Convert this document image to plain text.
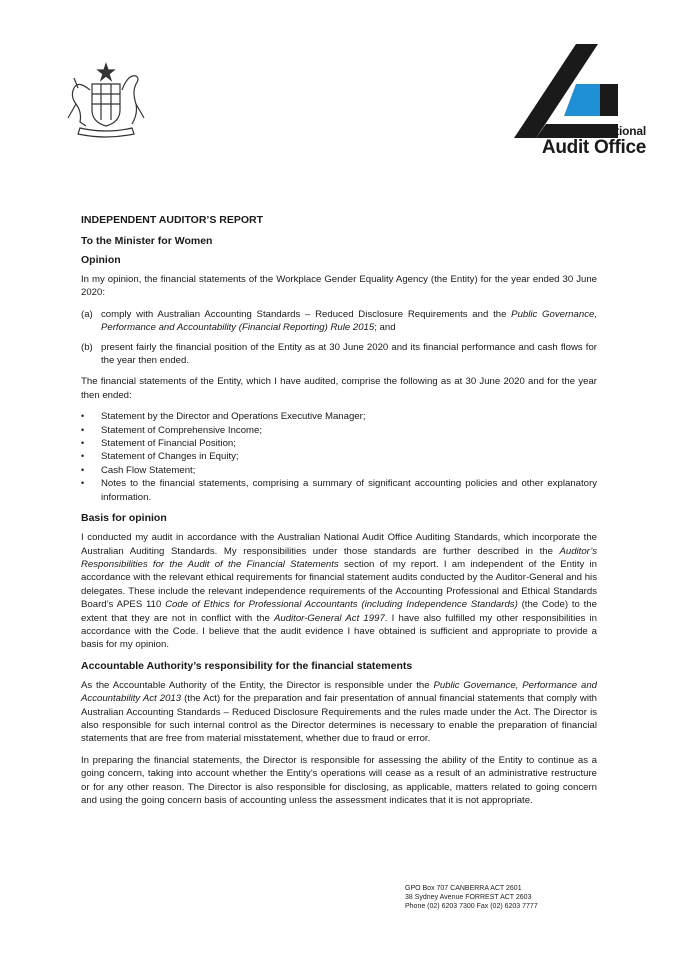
Australian National
Audit Office
INDEPENDENT AUDITOR’S REPORT
To the Minister for Women
Opinion

In my opinion, the financial statements of the Workplace Gender Equality Agency (the Entity) for the year ended 30 June 2020:

(a) comply with Australian Accounting Standards – Reduced Disclosure Requirements and the Public Governance, Performance and Accountability (Financial Reporting) Rule 2015; and
(b) present fairly the financial position of the Entity as at 30 June 2020 and its financial performance and cash flows for the year then ended.

The financial statements of the Entity, which I have audited, comprise the following as at 30 June 2020 and for the year then ended:

•	Statement by the Director and Operations Executive Manager;
•	Statement of Comprehensive Income;
•	Statement of Financial Position;
•	Statement of Changes in Equity;
•	Cash Flow Statement;
•	Notes to the financial statements, comprising a summary of significant accounting policies and other explanatory information.
Basis for opinion

I conducted my audit in accordance with the Australian National Audit Office Auditing Standards, which incorporate the Australian Auditing Standards. My responsibilities under those standards are further described in the Auditor’s Responsibilities for the Audit of the Financial Statements section of my report. I am independent of the Entity in accordance with the relevant ethical requirements for financial statement audits conducted by the Auditor-General and his delegates. These include the relevant independence requirements of the Accounting Professional and Ethical Standards Board’s APES 110 Code of Ethics for Professional Accountants (including Independence Standards) (the Code) to the extent that they are not in conflict with the Auditor-General Act 1997. I have also fulfilled my other responsibilities in accordance with the Code. I believe that the audit evidence I have obtained is sufficient and appropriate to provide a basis for my opinion.

Accountable Authority’s responsibility for the financial statements

As the Accountable Authority of the Entity, the Director is responsible under the Public Governance, Performance and Accountability Act 2013 (the Act) for the preparation and fair presentation of annual financial statements that comply with Australian Accounting Standards – Reduced Disclosure Requirements and the rules made under the Act. The Director is also responsible for such internal control as the Director determines is necessary to enable the preparation of financial statements that are free from material misstatement, whether due to fraud or error.

In preparing the financial statements, the Director is responsible for assessing the ability of the Entity to continue as a going concern, taking into account whether the Entity’s operations will cease as a result of an administrative restructure or for any other reason. The Director is also responsible for disclosing, as applicable, matters related to going concern and using the going concern basis of accounting unless the assessment indicates that it is not appropriate.

GPO Box 707 CANBERRA ACT 2601
38 Sydney Avenue FORREST ACT 2603
Phone (02) 6203 7300 Fax (02) 6203 7777
